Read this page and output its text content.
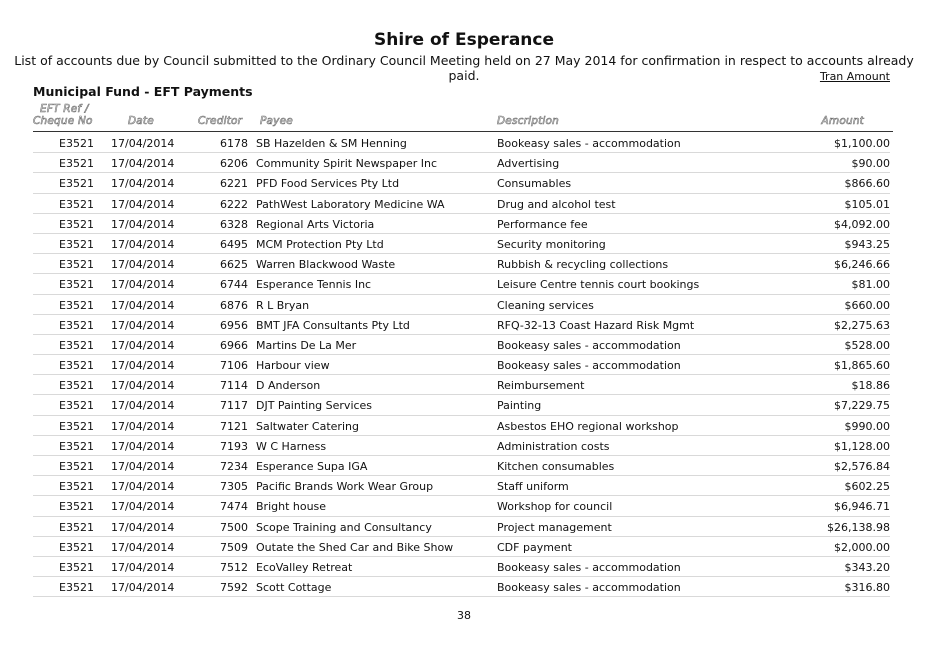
Shire of Esperance
List of accounts due by Council submitted to the Ordinary Council Meeting held on 27 May 2014 for confirmation in respect to accounts already paid.	Tran Amount
Municipal Fund - EFT Payments
EFT Ref /
Cheque No	Date	Creditor Payee	Description	Amount
E3521 17/04/2014	6178 SB Hazelden & SM Henning	Bookeasy sales - accommodation	$1,100.00
E3521 17/04/2014	6206 Community Spirit Newspaper Inc	Advertising	$90.00
E3521 17/04/2014	6221 PFD Food Services Pty Ltd	Consumables	$866.60
E3521 17/04/2014	6222 PathWest Laboratory Medicine WA	Drug and alcohol test	$105.01
E3521 17/04/2014	6328 Regional Arts Victoria	Performance fee	$4,092.00
E3521 17/04/2014	6495 MCM Protection Pty Ltd	Security monitoring	$943.25
E3521 17/04/2014	6625 Warren Blackwood Waste	Rubbish & recycling collections	$6,246.66
E3521 17/04/2014	6744 Esperance Tennis Inc	Leisure Centre tennis court bookings	$81.00
E3521 17/04/2014	6876 R L Bryan	Cleaning services	$660.00
E3521 17/04/2014	6956 BMT JFA Consultants Pty Ltd	RFQ-32-13 Coast Hazard Risk Mgmt	$2,275.63
E3521 17/04/2014	6966 Martins De La Mer	Bookeasy sales - accommodation	$528.00
E3521 17/04/2014	7106 Harbour view	Bookeasy sales - accommodation	$1,865.60
E3521 17/04/2014	7114 D Anderson	Reimbursement	$18.86
E3521 17/04/2014	7117 DJT Painting Services	Painting	$7,229.75
E3521 17/04/2014	7121 Saltwater Catering	Asbestos EHO regional workshop	$990.00
E3521 17/04/2014	7193 W C Harness	Administration costs	$1,128.00
E3521 17/04/2014	7234 Esperance Supa IGA	Kitchen consumables	$2,576.84
E3521 17/04/2014	7305 Pacific Brands Work Wear Group	Staff uniform	$602.25
E3521 17/04/2014	7474 Bright house	Workshop for council	$6,946.71
E3521 17/04/2014	7500 Scope Training and Consultancy	Project management	$26,138.98
E3521 17/04/2014	7509 Outate the Shed Car and Bike Show	CDF payment	$2,000.00
E3521 17/04/2014	7512 EcoValley Retreat	Bookeasy sales - accommodation	$343.20
E3521 17/04/2014	7592 Scott Cottage	Bookeasy sales - accommodation	$316.80
38
